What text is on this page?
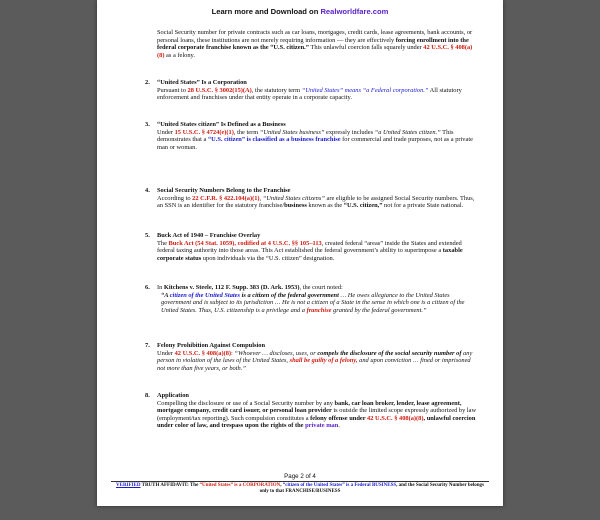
Learn more and Download on Realworldfare.com
Social Security number for private contracts such as car loans, mortgages, credit cards, lease agreements, bank accounts, or personal loans, these institutions are not merely requiring information — they are effectively forcing enrollment into the federal corporate franchise known as the “U.S. citizen.” This unlawful coercion falls squarely under 42 U.S.C. § 408(a)(8) as a felony.
2. “United States” Is a Corporation
Pursuant to 28 U.S.C. § 3002(15)(A), the statutory term “United States” means “a Federal corporation.” All statutory enforcement and franchises under that entity operate in a corporate capacity.
3. “United States citizen” Is Defined as a Business
Under 15 U.S.C. § 4724(e)(1), the term “United States business” expressly includes “a United States citizen.” This demonstrates that a “U.S. citizen” is classified as a business franchise for commercial and trade purposes, not as a private man or woman.
4. Social Security Numbers Belong to the Franchise
According to 22 C.F.R. § 422.104(a)(1), “United States citizens” are eligible to be assigned Social Security numbers. Thus, an SSN is an identifier for the statutory franchise/business known as the “U.S. citizen,” not for a private State national.
5. Buck Act of 1940 – Franchise Overlay
The Buck Act (54 Stat. 1059), codified at 4 U.S.C. §§ 105–113, created federal “areas” inside the States and extended federal taxing authority into those areas. This Act established the federal government’s ability to superimpose a taxable corporate status upon individuals via the “U.S. citizen” designation.
6. In Kitchens v. Steele, 112 F. Supp. 383 (D. Ark. 1953), the court noted:
“A citizen of the United States is a citizen of the federal government … He owes allegiance to the United States government and is subject to its jurisdiction … He is not a citizen of a State in the sense in which one is a citizen of the United States. Thus, U.S. citizenship is a privilege and a franchise granted by the federal government.”
7. Felony Prohibition Against Compulsion
Under 42 U.S.C. § 408(a)(8): “Whoever … discloses, uses, or compels the disclosure of the social security number of any person in violation of the laws of the United States, shall be guilty of a felony, and upon conviction … fined or imprisoned not more than five years, or both.”
8. Application
Compelling the disclosure or use of a Social Security number by any bank, car loan broker, lender, lease agreement, mortgage company, credit card issuer, or personal loan provider is outside the limited scope expressly authorized by law (employment/tax reporting). Such compulsion constitutes a felony offense under 42 U.S.C. § 408(a)(8), unlawful coercion under color of law, and trespass upon the rights of the private man.
Page 2 of 4
VERIFIED TRUTH AFFIDAVIT: The “United States” is a CORPORATION, “citizen of the United States” is a Federal BUSINESS, and the Social Security Number belongs only to that FRANCHISE/BUSINESS
